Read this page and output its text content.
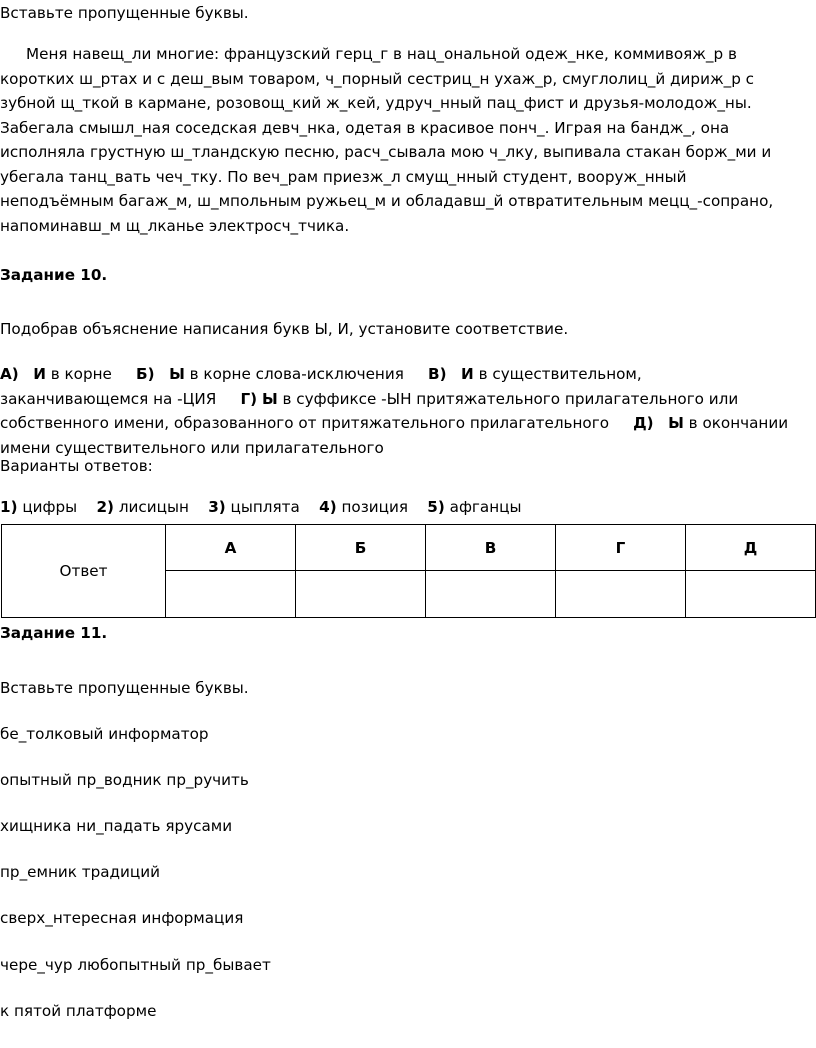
Вставьте пропущенные буквы.
Меня навещ_ли многие: французский герц_г в нац_ональной одеж_нке, коммивояж_р в коротких ш_ртах и с деш_вым товаром, ч_порный сестриц_н ухаж_р, смуглолиц_й дириж_р с зубной щ_ткой в кармане, розовощ_кий ж_кей, удруч_нный пац_фист и друзья-молодож_ны. Забегала смышл_ная соседская девч_нка, одетая в красивое понч_. Играя на бандж_, она исполняла грустную ш_тландскую песню, расч_сывала мою ч_лку, выпивала стакан борж_ми и убегала танц_вать чеч_тку. По веч_рам приезж_л смущ_нный студент, вооруж_нный неподъёмным багаж_м, ш_мпольным ружьец_м и обладавш_й отвратительным мецц_-сопрано, напоминавш_м щ_лканье электросч_тчика.
Задание 10.
Подобрав объяснение написания букв Ы, И, установите соответствие.
А) И в корне Б) Ы в корне слова-исключения В) И в существительном, заканчивающемся на -ЦИЯ Г) Ы в суффиксе -ЫН притяжательного прилагательного или собственного имени, образованного от притяжательного прилагательного Д) Ы в окончании имени существительного или прилагательного
Варианты ответов:
1) цифры 2) лисицын 3) цыплята 4) позиция 5) афганцы
Ответ	А	Б	В	Г	Д

Задание 11.
Вставьте пропущенные буквы.
бе_толковый информатор
опытный пр_водник пр_ручить
хищника ни_падать ярусами
пр_емник традиций
сверх_нтересная информация
чере_чур любопытный пр_бывает
к пятой платформе
